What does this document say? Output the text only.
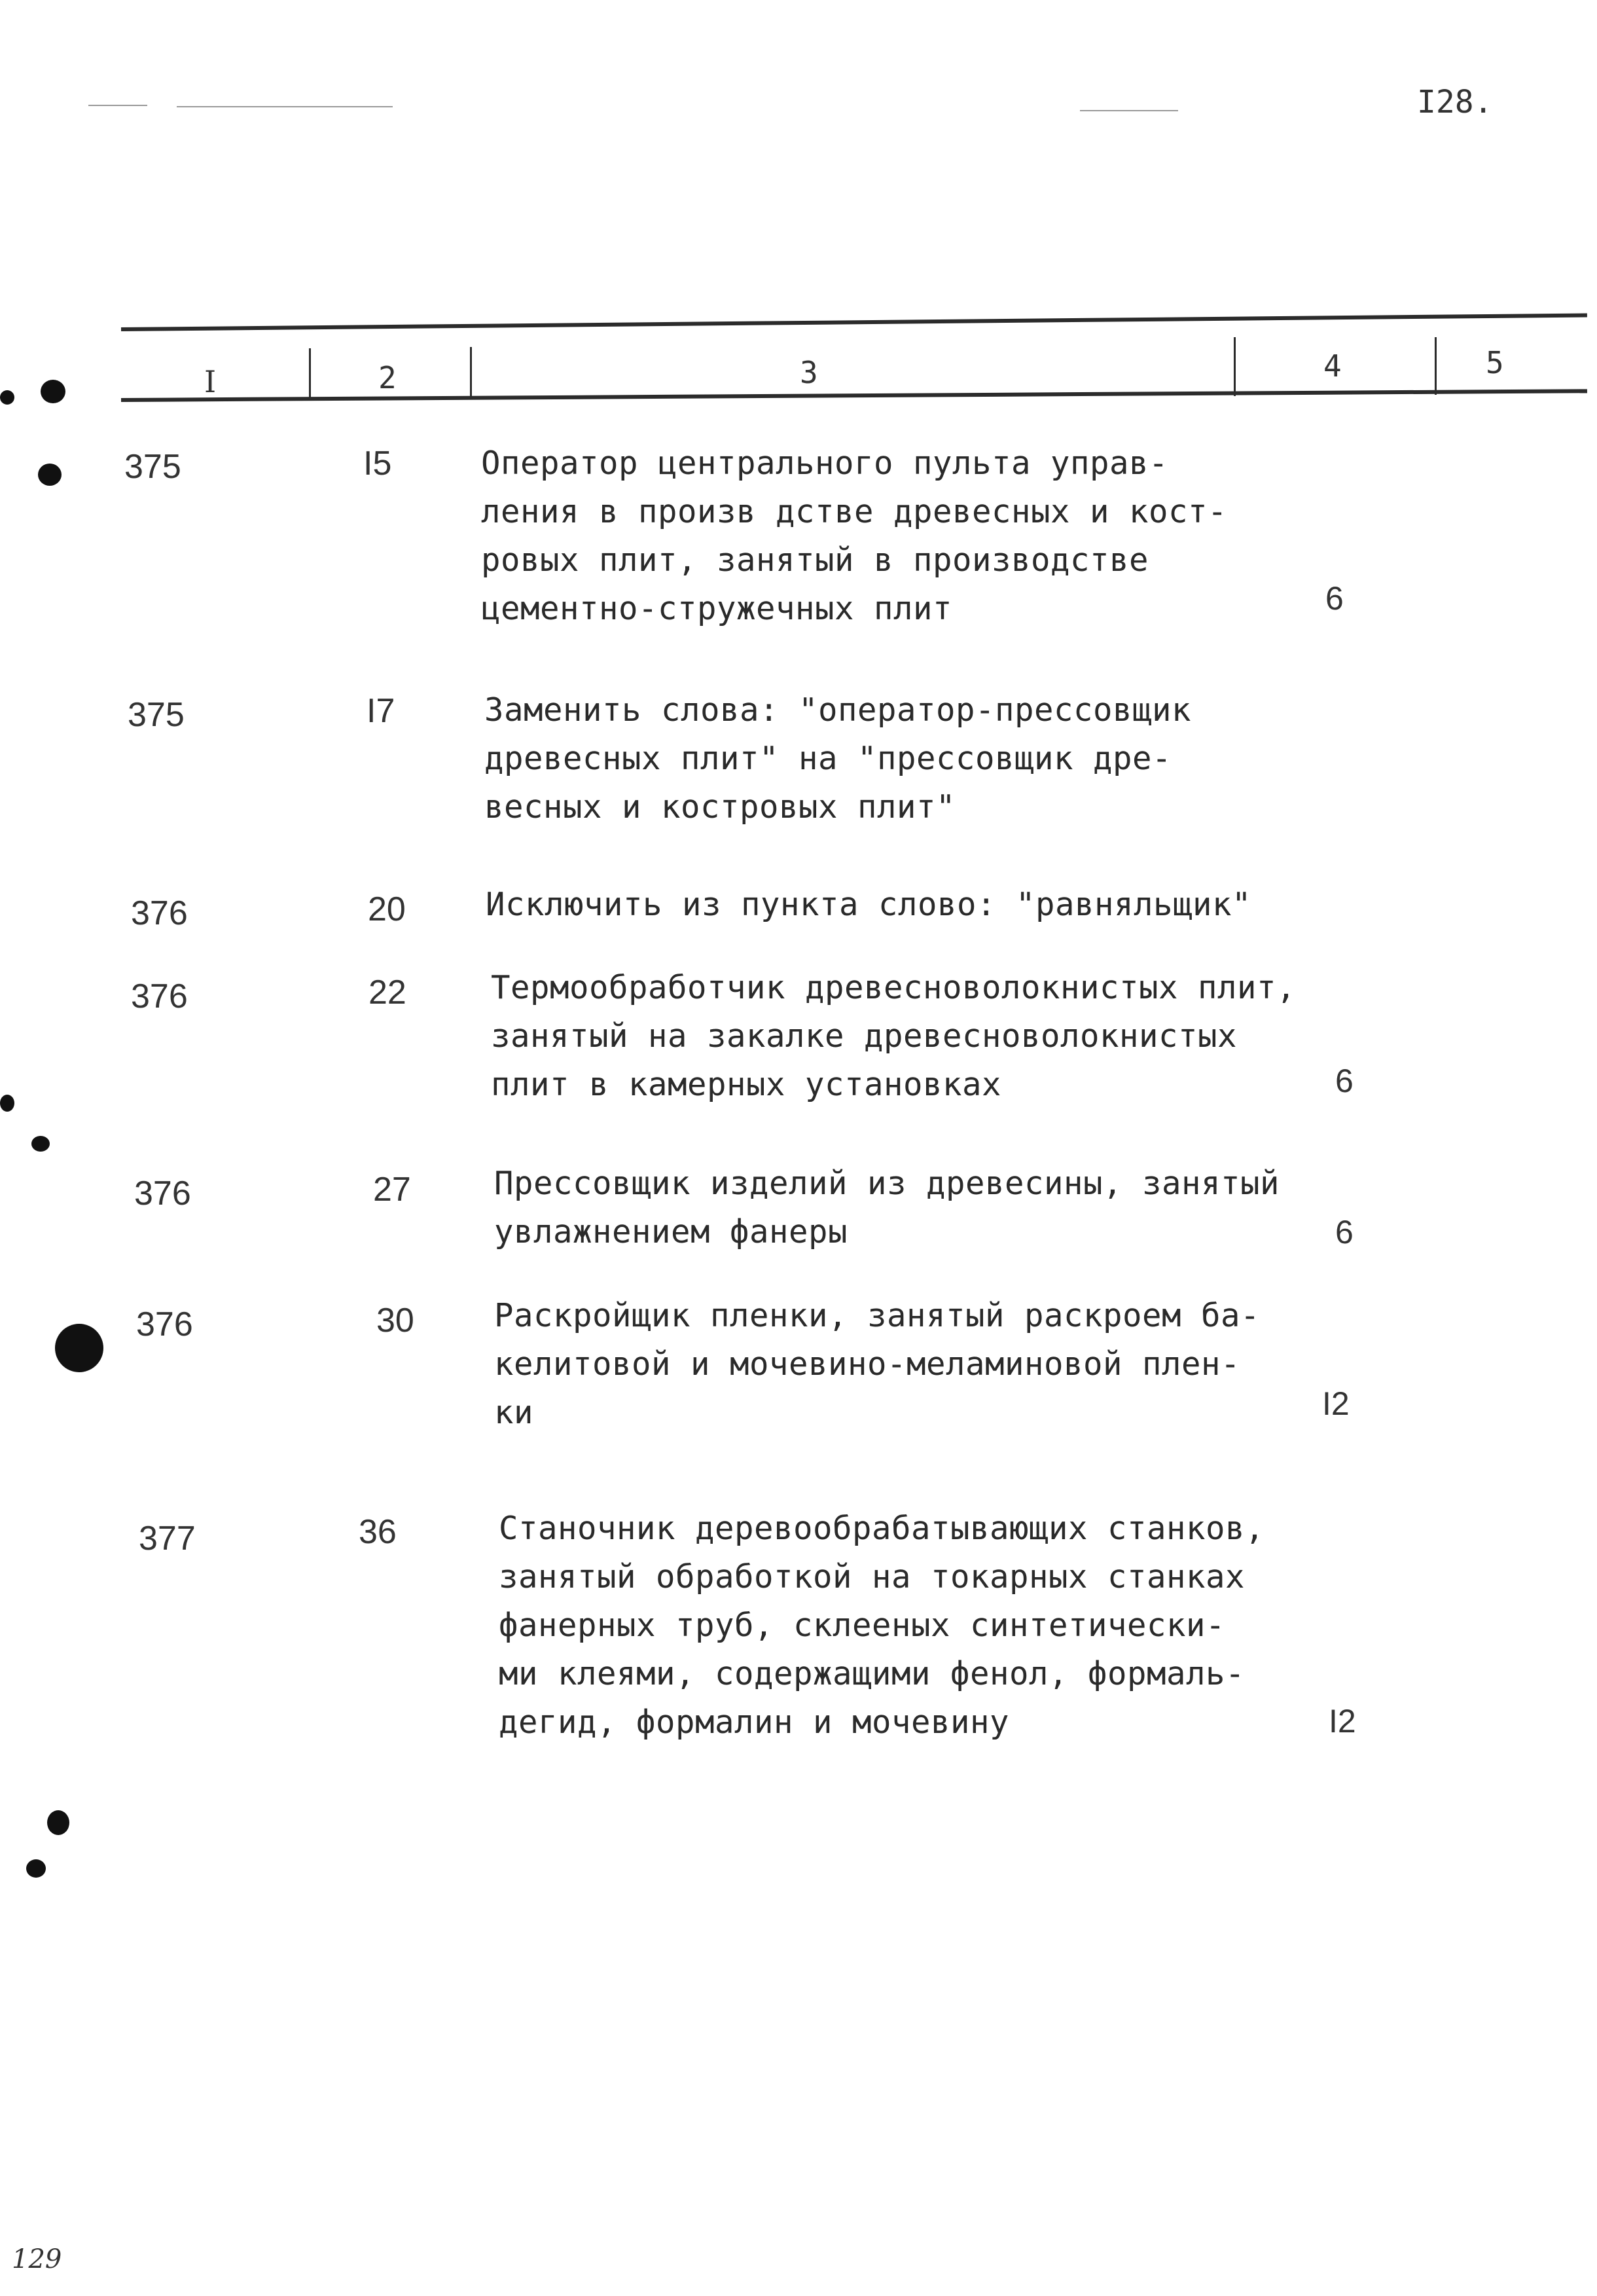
I28.
I	2	3	4	5
375	I5	Оператор центрального пульта управ-
ления в произв дстве древесных и кост-
ровых плит, занятый в производстве
цементно-стружечных плит	6
375	I7	Заменить слова: "оператор-прессовщик
древесных плит" на "прессовщик дре-
весных и костровых плит"
376	20 Исключить из пункта слово: "равняльщик"
376	22	Термообработчик древесноволокнистых плит,
занятый на закалке древесноволокнистых
плит в камерных установках	6
376	27	Прессовщик изделий из древесины, занятый
увлажнением фанеры	6
376	30 Раскройщик пленки, занятый раскроем ба-
келитовой и мочевино-меламиновой плен-
ки	I2
377	36	Станочник деревообрабатывающих станков,
занятый обработкой на токарных станках
фанерных труб, склееных синтетически-
ми клеями, содержащими фенол, формаль-
дегид, формалин и мочевину	I2
129
